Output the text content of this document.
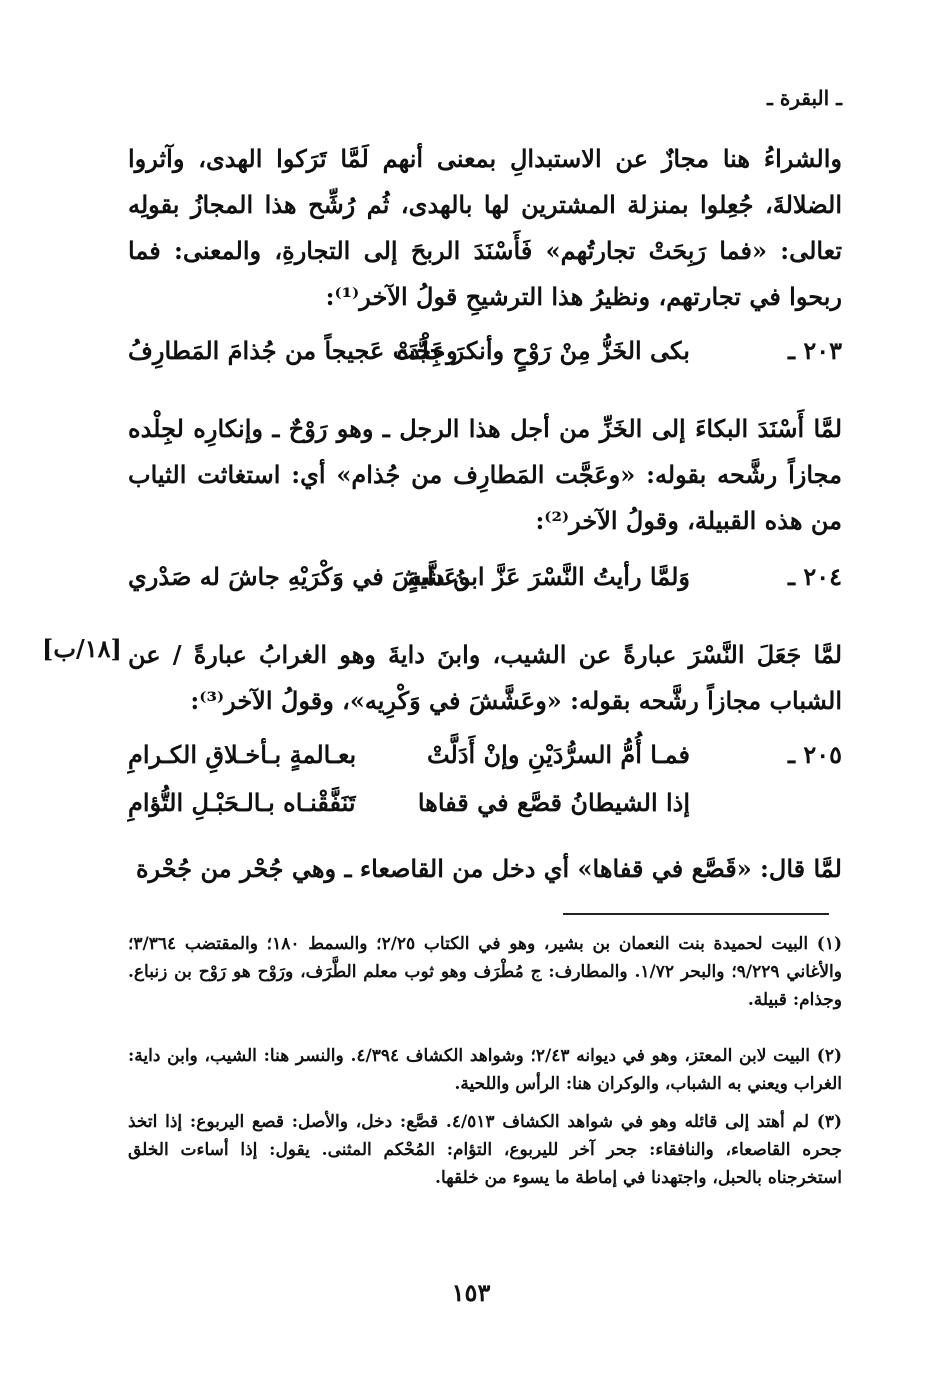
ـ البقرة ـ

والشراءُ هنا مجازٌ عن الاستبدالِ بمعنى أنهم لَمَّا تَرَكوا الهدى، وآثروا الضلالةَ، جُعِلوا بمنزلة المشترين لها بالهدى، ثُم رُشِّح هذا المجازُ بقولِه تعالى: «فما رَبِحَتْ تجارتُهم» فَأَسْنَدَ الربحَ إلى التجارةِ، والمعنى: فما ربحوا في تجارتهم، ونظيرُ هذا الترشيحِ قولُ الآخر⁽¹⁾:

٢٠٣ ـ
بكى الخَزُّ مِنْ رَوْحٍ وأنكرَ جِلْدَه
وعَجَّتْ عَجيجاً من جُذامَ المَطارِفُ

لمَّا أَسْنَدَ البكاءَ إلى الخَزِّ من أجل هذا الرجل ـ وهو رَوْحٌ ـ وإنكارِه لجِلْده مجازاً رشَّحه بقوله: «وعَجَّت المَطارِف من جُذام» أي: استغاثت الثياب من هذه القبيلة، وقولُ الآخر⁽²⁾:

٢٠٤ ـ
وَلمَّا رأيتُ النَّسْرَ عَزَّ ابنُ دايةٍ
وعَشَّشَ في وَكْرَيْهِ جاشَ له صَدْري
[١٨/ب] لمَّا جَعَلَ النَّسْرَ عبارةً عن الشيب، وابنَ دايةَ وهو الغرابُ عبارةً / عن الشباب مجازاً رشَّحه بقوله: «وعَشَّشَ في وَكْرِيه»، وقولُ الآخر⁽³⁾:

٢٠٥ ـ
فمـا أُمُّ السرُّدَيْنِ وإنْ أَدَلَّتْ
بعـالمةٍ بـأخـلاقِ الكـرامِ
إذا الشيطانُ قصَّع في قفاها
تَنَفَّقْنـاه بـالـحَبْـلِ التُّؤامِ

لمَّا قال: «قَصَّع في قفاها» أي دخل من القاصعاء ـ وهي جُحْر من جُحْرة

(١) البيت لحميدة بنت النعمان بن بشير، وهو في الكتاب ٢/٢٥؛ والسمط ١٨٠؛ والمقتضب ٣/٣٦٤؛ والأغاني ٩/٢٢٩؛ والبحر ١/٧٢. والمطارف: ج مُطْرَف وهو ثوب معلم الطَّرَف، ورَوْح هو رَوْح بن زنباع. وجذام: قبيلة.

(٢) البيت لابن المعتز، وهو في ديوانه ٢/٤٣؛ وشواهد الكشاف ٤/٣٩٤. والنسر هنا: الشيب، وابن داية: الغراب ويعني به الشباب، والوكران هنا: الرأس واللحية.

(٣) لم أهتد إلى قائله وهو في شواهد الكشاف ٤/٥١٣. قصَّع: دخل، والأصل: قصع اليربوع: إذا اتخذ جحره القاصعاء، والنافقاء: جحر آخر لليربوع، التؤام: المُحْكم المثنى. يقول: إذا أساءت الخلق استخرجناه بالحبل، واجتهدنا في إماطة ما يسوء من خلقها.

١٥٣
